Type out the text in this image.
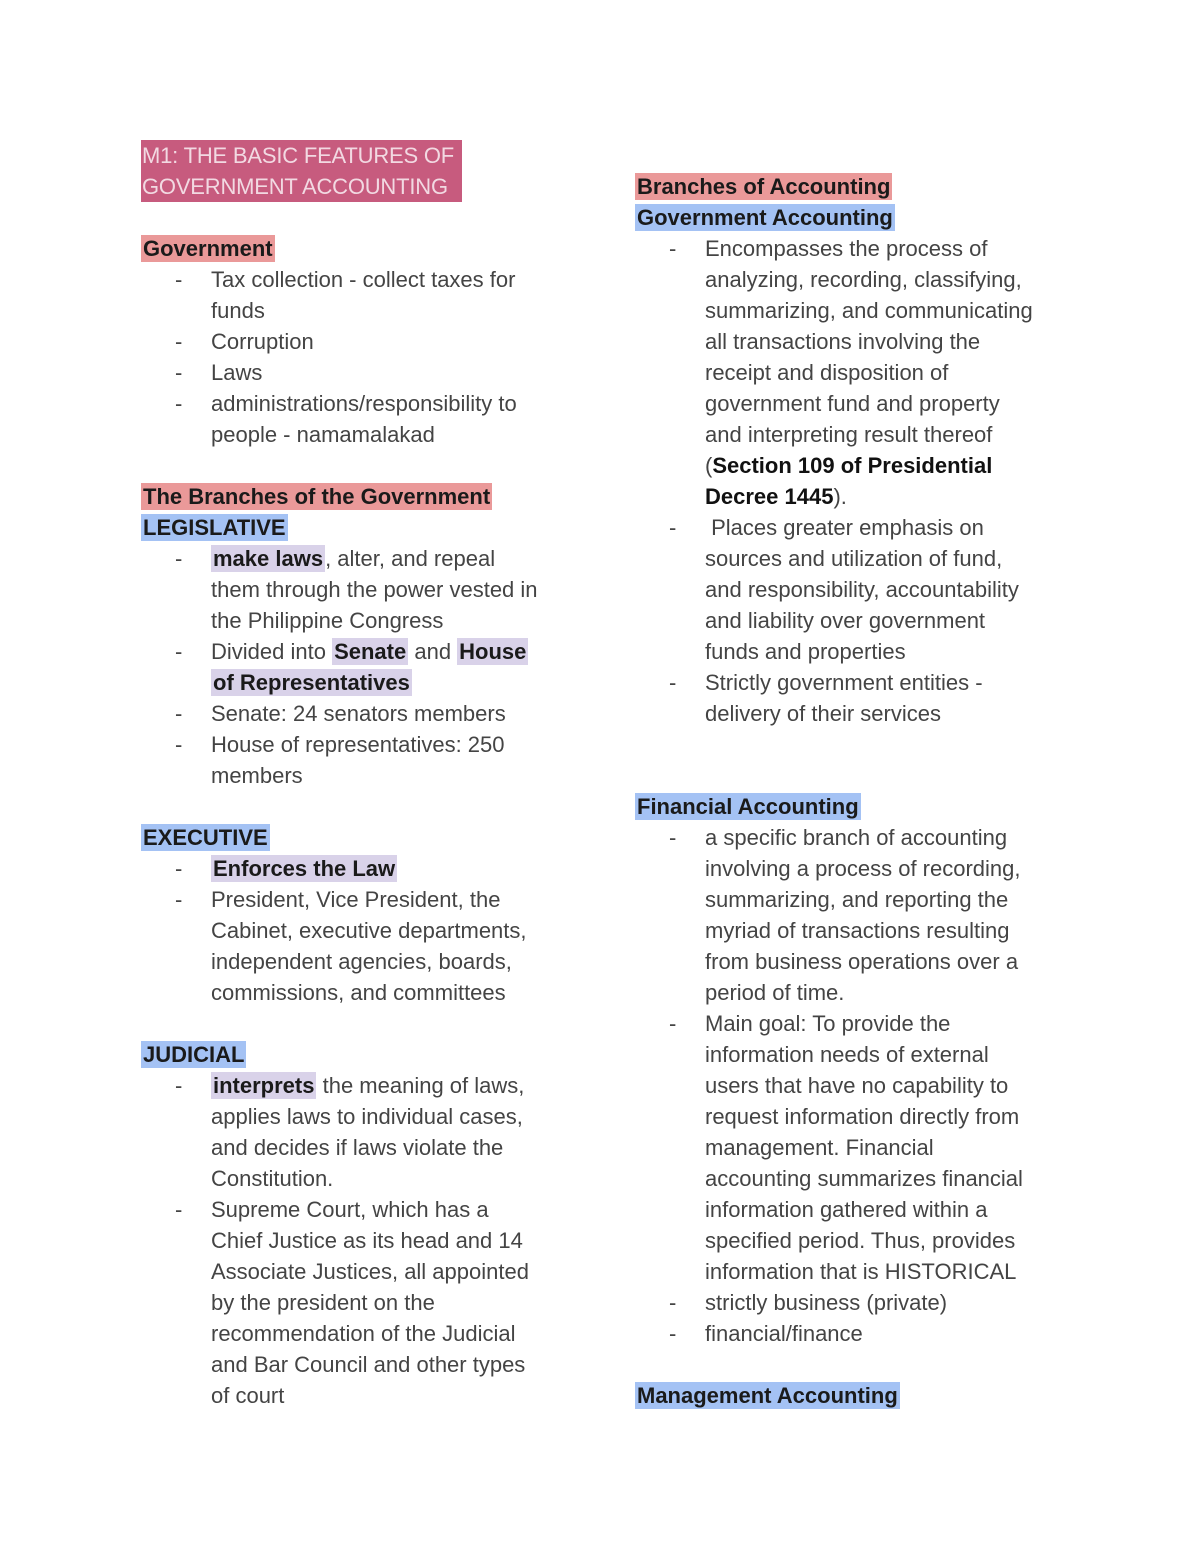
M1: THE BASIC FEATURES OF
GOVERNMENT ACCOUNTING
Government
- Tax collection - collect taxes for
funds
- Corruption
- Laws
- administrations/responsibility to
people - namamalakad
The Branches of the Government
LEGISLATIVE
- make laws, alter, and repeal
them through the power vested in
the Philippine Congress
- Divided into Senate and House
of Representatives
- Senate: 24 senators members
- House of representatives: 250
members
EXECUTIVE
- Enforces the Law
- President, Vice President, the
Cabinet, executive departments,
independent agencies, boards,
commissions, and committees
JUDICIAL
- interprets the meaning of laws,
applies laws to individual cases,
and decides if laws violate the
Constitution.
- Supreme Court, which has a
Chief Justice as its head and 14
Associate Justices, all appointed
by the president on the
recommendation of the Judicial
and Bar Council and other types
of court
Branches of Accounting
Government Accounting
- Encompasses the process of
analyzing, recording, classifying,
summarizing, and communicating
all transactions involving the
receipt and disposition of
government fund and property
and interpreting result thereof
(Section 109 of Presidential
Decree 1445).
-  Places greater emphasis on
sources and utilization of fund,
and responsibility, accountability
and liability over government
funds and properties
- Strictly government entities -
delivery of their services
Financial Accounting
- a specific branch of accounting
involving a process of recording,
summarizing, and reporting the
myriad of transactions resulting
from business operations over a
period of time.
- Main goal: To provide the
information needs of external
users that have no capability to
request information directly from
management. Financial
accounting summarizes financial
information gathered within a
specified period. Thus, provides
information that is HISTORICAL
- strictly business (private)
- financial/finance
Management Accounting
